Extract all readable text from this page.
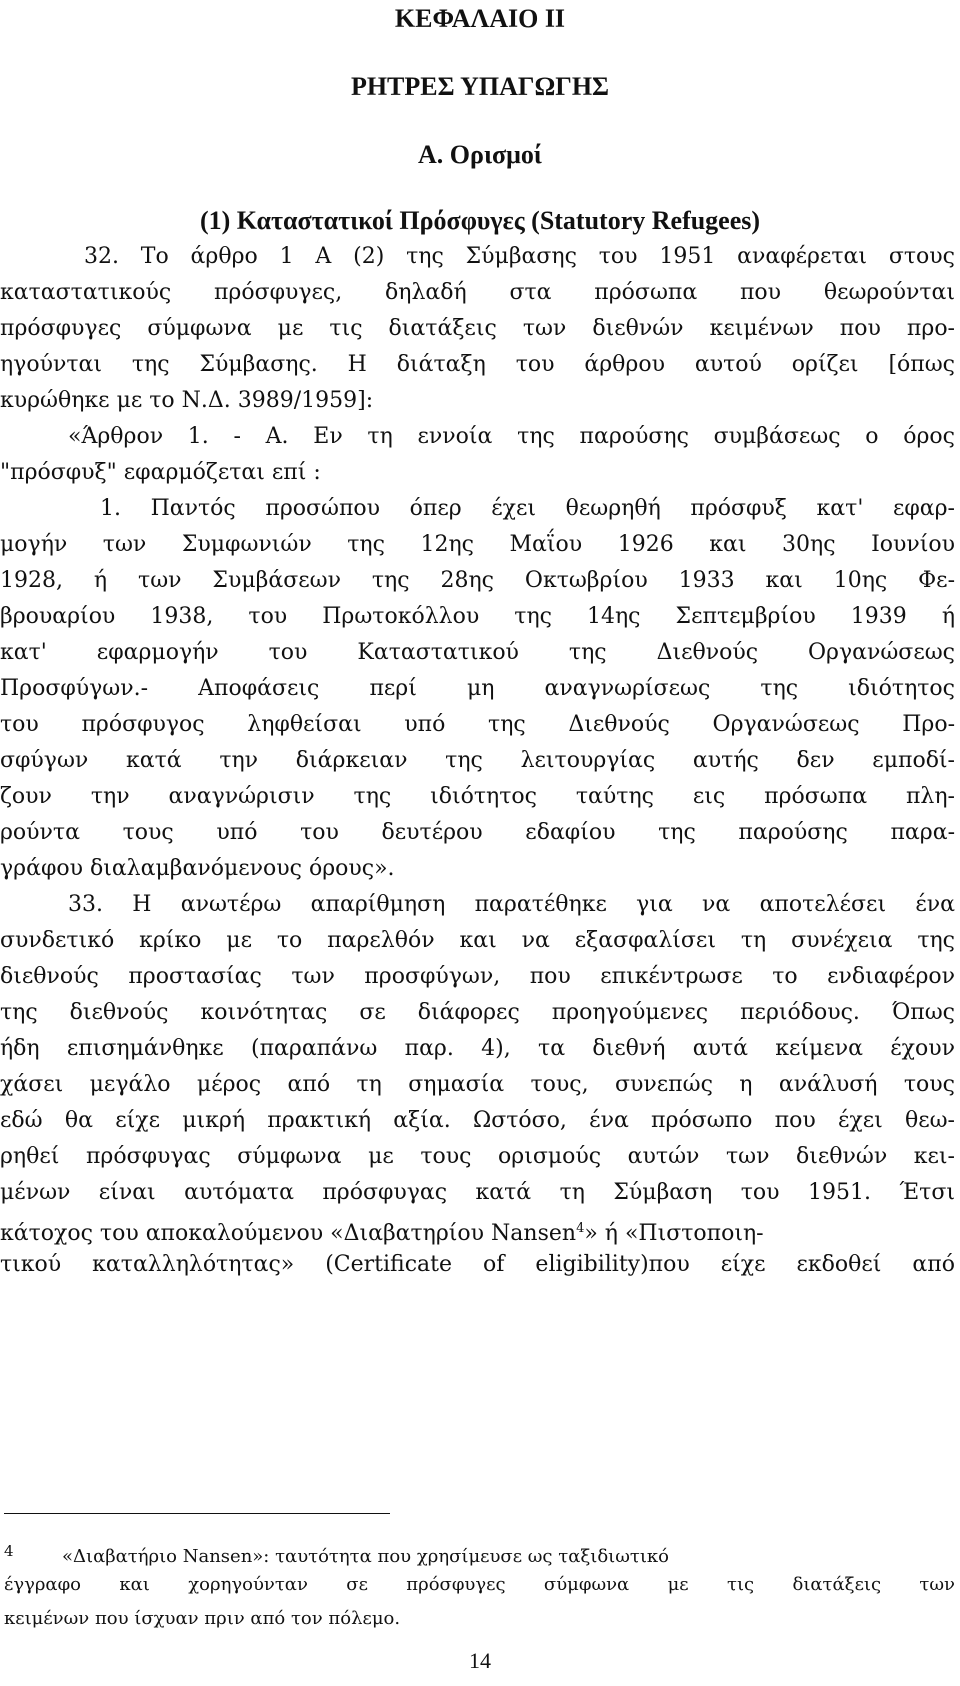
ΚΕΦΑΛΑΙΟ ΙΙ
ΡΗΤΡΕΣ ΥΠΑΓΩΓΗΣ
Α. Ορισμοί
(1) Καταστατικοί Πρόσφυγες (Statutory Refugees)
32. Το άρθρο 1 Α (2) της Σύμβασης του 1951 αναφέρεται στους
καταστατικούς πρόσφυγες, δηλαδή στα πρόσωπα που θεωρούνται
πρόσφυγες σύμφωνα με τις διατάξεις των διεθνών κειμένων που προ-
ηγούνται της Σύμβασης. Η διάταξη του άρθρου αυτού ορίζει [όπως
κυρώθηκε με το Ν.Δ. 3989/1959]:
«Άρθρον 1. - Α. Εν τη εννοία της παρούσης συμβάσεως ο όρος
"πρόσφυξ" εφαρμόζεται επί :
1. Παντός προσώπου όπερ έχει θεωρηθή πρόσφυξ κατ' εφαρ-
μογήν των Συμφωνιών της 12ης Μαΐου 1926 και 30ης Ιουνίου
1928, ή των Συμβάσεων της 28ης Οκτωβρίου 1933 και 10ης Φε-
βρουαρίου 1938, του Πρωτοκόλλου της 14ης Σεπτεμβρίου 1939 ή
κατ' εφαρμογήν του Καταστατικού της Διεθνούς Οργανώσεως
Προσφύγων.- Αποφάσεις περί μη αναγνωρίσεως της ιδιότητος
του πρόσφυγος ληφθείσαι υπό της Διεθνούς Οργανώσεως Προ-
σφύγων κατά την διάρκειαν της λειτουργίας αυτής δεν εμποδί-
ζουν την αναγνώρισιν της ιδιότητος ταύτης εις πρόσωπα πλη-
ρούντα τους υπό του δευτέρου εδαφίου της παρούσης παρα-
γράφου διαλαμβανόμενους όρους».
33. Η ανωτέρω απαρίθμηση παρατέθηκε για να αποτελέσει ένα
συνδετικό κρίκο με το παρελθόν και να εξασφαλίσει τη συνέχεια της
διεθνούς προστασίας των προσφύγων, που επικέντρωσε το ενδιαφέρον
της διεθνούς κοινότητας σε διάφορες προηγούμενες περιόδους. Όπως
ήδη επισημάνθηκε (παραπάνω παρ. 4), τα διεθνή αυτά κείμενα έχουν
χάσει μεγάλο μέρος από τη σημασία τους, συνεπώς η ανάλυσή τους
εδώ θα είχε μικρή πρακτική αξία. Ωστόσο, ένα πρόσωπο που έχει θεω-
ρηθεί πρόσφυγας σύμφωνα με τους ορισμούς αυτών των διεθνών κει-
μένων είναι αυτόματα πρόσφυγας κατά τη Σύμβαση του 1951. Έτσι
κάτοχος του αποκαλούμενου «Διαβατηρίου Nansen$^4$» ή «Πιστοποιη-
τικού καταλληλότητας» (Certificate of eligibility)που είχε εκδοθεί από
4	«Διαβατήριο Nansen»: ταυτότητα που χρησίμευσε ως ταξιδιωτικό
έγγραφο και χορηγούνταν σε πρόσφυγες σύμφωνα με τις διατάξεις των
κειμένων που ίσχυαν πριν από τον πόλεμο.
14
